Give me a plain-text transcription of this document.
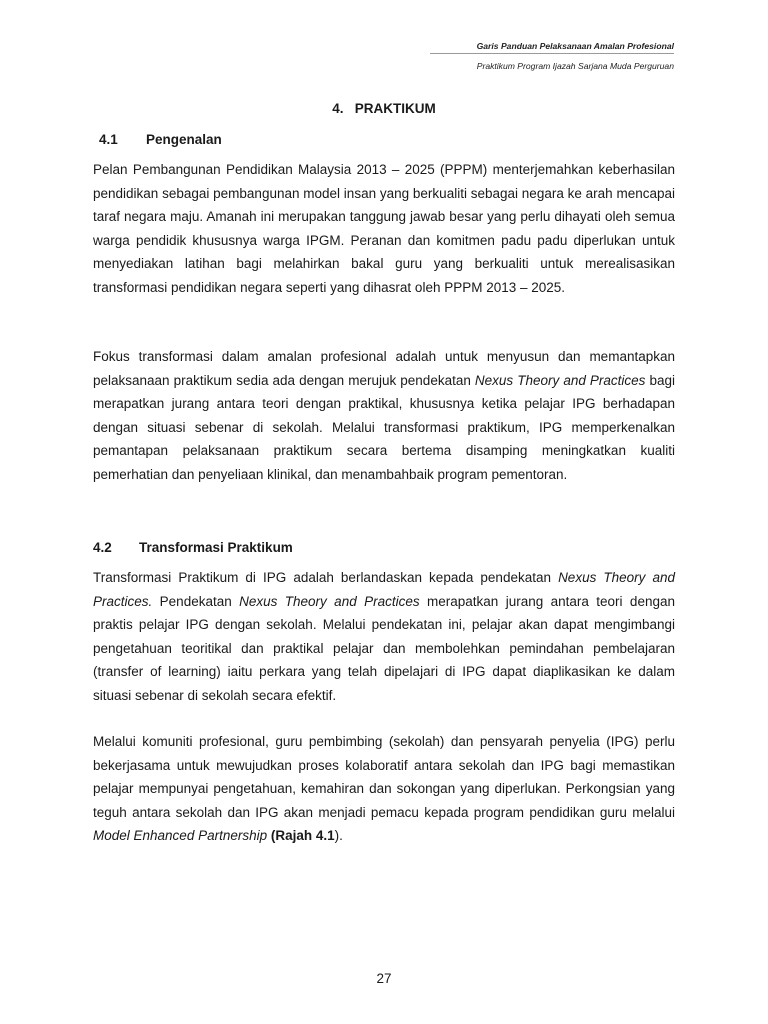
Garis Panduan Pelaksanaan Amalan Profesional
Praktikum Program Ijazah Sarjana Muda Perguruan
4.   PRAKTIKUM
4.1 Pengenalan
Pelan Pembangunan Pendidikan Malaysia 2013 – 2025 (PPPM) menterjemahkan keberhasilan pendidikan sebagai pembangunan model insan yang berkualiti sebagai negara ke arah mencapai taraf negara maju. Amanah ini merupakan tanggung jawab besar yang perlu dihayati oleh semua warga pendidik khususnya warga IPGM. Peranan dan komitmen padu padu diperlukan untuk menyediakan latihan bagi melahirkan bakal guru yang berkualiti untuk merealisasikan transformasi pendidikan negara seperti yang dihasrat oleh PPPM 2013 – 2025.
Fokus transformasi dalam amalan profesional adalah untuk menyusun dan memantapkan pelaksanaan praktikum sedia ada dengan merujuk pendekatan Nexus Theory and Practices bagi merapatkan jurang antara teori dengan praktikal, khususnya ketika pelajar IPG berhadapan dengan situasi sebenar di sekolah. Melalui transformasi praktikum, IPG memperkenalkan pemantapan pelaksanaan praktikum secara bertema disamping meningkatkan kualiti pemerhatian dan penyeliaan klinikal, dan menambahbaik program pementoran.
4.2 Transformasi Praktikum
Transformasi Praktikum di IPG adalah berlandaskan kepada pendekatan Nexus Theory and Practices. Pendekatan Nexus Theory and Practices merapatkan jurang antara teori dengan praktis pelajar IPG dengan sekolah. Melalui pendekatan ini, pelajar akan dapat mengimbangi pengetahuan teoritikal dan praktikal pelajar dan membolehkan pemindahan pembelajaran (transfer of learning) iaitu perkara yang telah dipelajari di IPG dapat diaplikasikan ke dalam situasi sebenar di sekolah secara efektif.
Melalui komuniti profesional, guru pembimbing (sekolah) dan pensyarah penyelia (IPG) perlu bekerjasama untuk mewujudkan proses kolaboratif antara sekolah dan IPG bagi memastikan pelajar mempunyai pengetahuan, kemahiran dan sokongan yang diperlukan. Perkongsian yang teguh antara sekolah dan IPG akan menjadi pemacu kepada program pendidikan guru melalui Model Enhanced Partnership (Rajah 4.1).
27
